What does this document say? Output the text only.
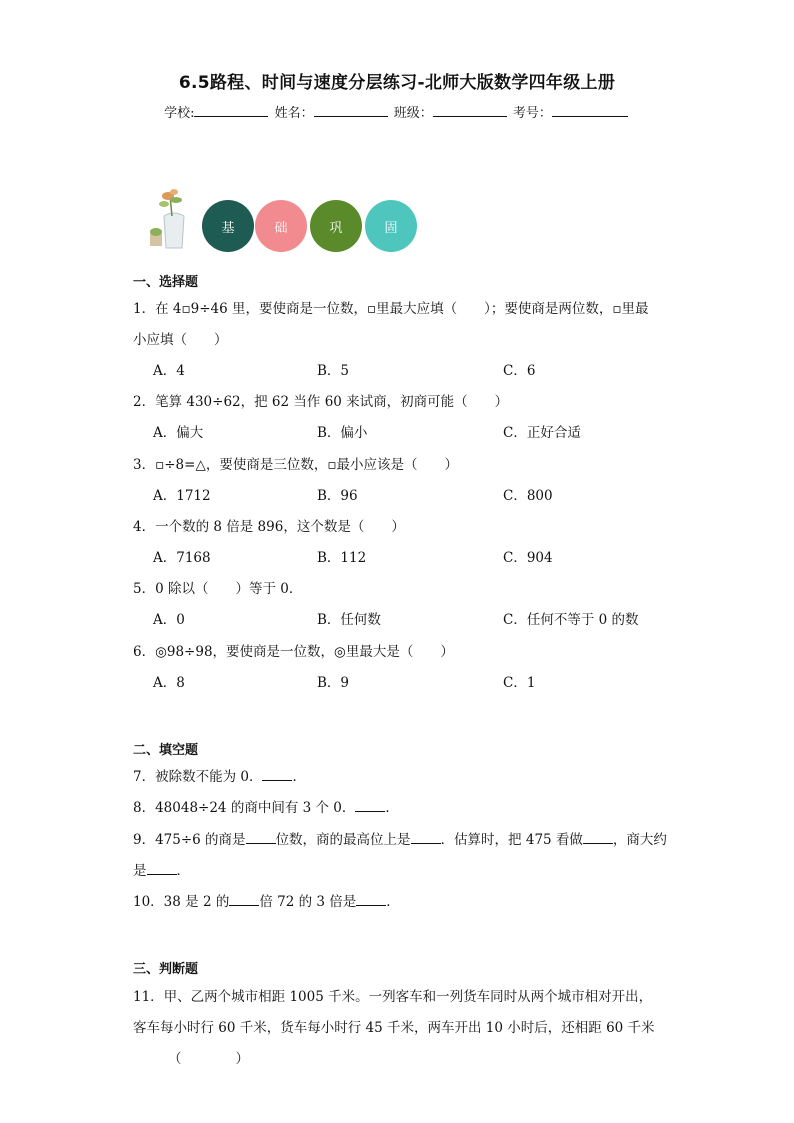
6.5路程、时间与速度分层练习-北师大版数学四年级上册
学校:	姓名：	班级：	考号：
基	础	巩	固
一、选择题
1．在 4▫9÷46 里，要使商是一位数，▫里最大应填（　　）；要使商是两位数，▫里最
小应填（　　）
A．4	B．5	C．6
2．笔算 430÷62，把 62 当作 60 来试商，初商可能（　　）
A．偏大	B．偏小	C．正好合适
3．▫÷8=△，要使商是三位数，▫最小应该是（　　）
A．1712	B．96	C．800
4．一个数的 8 倍是 896，这个数是（　　）
A．7168	B．112	C．904
5．0 除以（　　）等于 0．
A．0	B．任何数	C．任何不等于 0 的数
6．◎98÷98，要使商是一位数，◎里最大是（　　）
A．8	B．9	C．1
二、填空题
7．被除数不能为 0． ．
8．48048÷24 的商中间有 3 个 0． ．
9．475÷6 的商是 位数，商的最高位上是 ．估算时，把 475 看做 ，商大约
是 ．
10．38 是 2 的 倍 72 的 3 倍是 ．
三、判断题
11．甲、乙两个城市相距 1005 千米。一列客车和一列货车同时从两个城市相对开出，
客车每小时行 60 千米，货车每小时行 45 千米，两车开出 10 小时后，还相距 60 千米
（　　　　）
